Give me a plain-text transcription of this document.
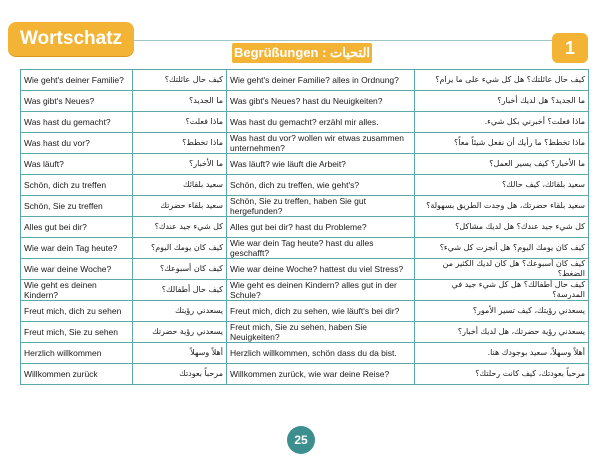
Wortschatz
Begrüßungen : التحيات	1
Wie geht's deiner Familie?	كيف حال عائلتك؟	Wie geht's deiner Familie? alles in Ordnung?	كيف حال عائلتك؟ هل كل شيء على ما يرام؟
Was gibt's Neues?	ما الجديد؟	Was gibt's Neues? hast du Neuigkeiten?	ما الجديد؟ هل لديك أخبار؟
Was hast du gemacht?	ماذا فعلت؟	Was hast du gemacht? erzähl mir alles.	ماذا فعلت؟ أخبرني بكل شيء.
Was hast du vor?	ماذا تخطط؟	Was hast du vor? wollen wir etwas zusammen unternehmen?	ماذا تخطط؟ ما رأيك أن نفعل شيئاً معاً؟
Was läuft?	ما الأخبار؟	Was läuft? wie läuft die Arbeit?	ما الأخبار؟ كيف يسير العمل؟
Schön, dich zu treffen	سعيد بلقائك	Schön, dich zu treffen, wie geht's?	سعيد بلقائك، كيف حالك؟
Schön, Sie zu treffen	سعيد بلقاء حضرتك	Schön, Sie zu treffen, haben Sie gut hergefunden?	سعيد بلقاء حضرتك، هل وجدت الطريق بسهولة؟
Alles gut bei dir?	كل شيء جيد عندك؟	Alles gut bei dir? hast du Probleme?	كل شيء جيد عندك؟ هل لديك مشاكل؟
Wie war dein Tag heute?	كيف كان يومك اليوم؟	Wie war dein Tag heute? hast du alles geschafft?	كيف كان يومك اليوم؟ هل أنجزت كل شيء؟
Wie war deine Woche?	كيف كان أسبوعك؟	Wie war deine Woche? hattest du viel Stress?	كيف كان أسبوعك؟ هل كان لديك الكثير من الضغط؟
Wie geht es deinen Kindern?	كيف حال أطفالك؟	Wie geht es deinen Kindern? alles gut in der Schule?	كيف حال أطفالك؟ هل كل شيء جيد في المدرسة؟
Freut mich, dich zu sehen	يسعدني رؤيتك	Freut mich, dich zu sehen, wie läuft's bei dir?	يسعدني رؤيتك، كيف تسير الأمور؟
Freut mich, Sie zu sehen	يسعدني رؤية حضرتك	Freut mich, Sie zu sehen, haben Sie Neuigkeiten?	يسعدني رؤية حضرتك، هل لديك أخبار؟
Herzlich willkommen	أهلاً وسهلاً	Herzlich willkommen, schön dass du da bist.	أهلاً وسهلاً، سعيد بوجودك هنا.
Willkommen zurück	مرحباً بعودتك	Willkommen zurück, wie war deine Reise?	مرحباً بعودتك، كيف كانت رحلتك؟
25
